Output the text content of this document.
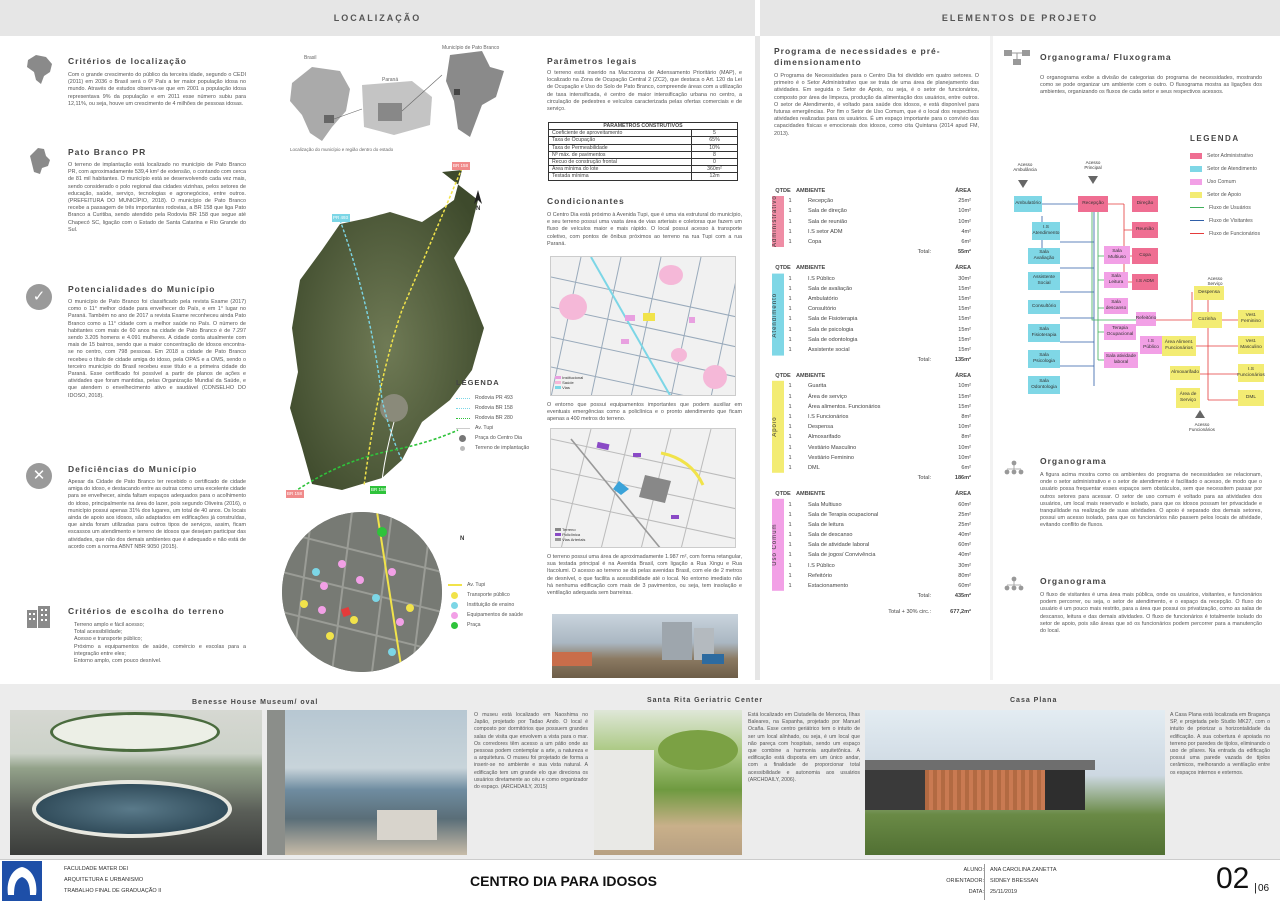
LOCALIZAÇÃO	ELEMENTOS DE PROJETO
Critérios de localização
Com o grande crescimento do público da terceira idade, segundo o CEDI (2011) em 2036 o Brasil será o 6º País a ter maior população idosa no mundo. Através de estudos observa-se que em 2001 a população idosa representava 9% da população e em 2011 esse número subiu para 12,11%, ou seja, houve um crescimento de 4 milhões de pessoas idosas.
Pato Branco PR
O terreno de implantação está localizado no município de Pato Branco PR, com aproximadamente 539,4 km² de extensão, o contando com cerca de 81 mil habitantes. O município está se desenvolvendo cada vez mais, sendo considerado o polo regional das cidades vizinhas, pelos setores de educação, saúde, serviço, tecnologias e agronegócios, entre outros. (PREFEITURA DO MUNICÍPIO, 2018). O município de Pato Branco recebe a passagem de três importantes rodovias, a BR 158 que liga Pato Branco a Curitiba, sendo atendido pela Rodovia BR 158 que segue até Chapecó SC, ligação com o Estado de Santa Catarina e Rio Grande do Sul.
✓	Potencialidades do Município
O município de Pato Branco foi classificado pela revista Exame (2017) como o 11° melhor cidade para envelhecer do País, e em 1° lugar no Paraná. Também no ano de 2017 a revista Exame reconheceu ainda Pato Branco como a 11° cidade com a melhor saúde no País. O número de habitantes com mais de 60 anos na cidade de Pato Branco é de 7.297 sendo 3.205 homens e 4.091 mulheres. A cidade conta atualmente com mais de 15 bairros, sendo que a maior concentração de idosos encontra-se no centro, com 798 pessoas. Em 2018 a cidade de Pato Branco recebeu o título de cidade amiga do idoso, pela OPAS e a OMS, sendo o terceiro município do Brasil recebeu esse título e a primeira cidade do Paraná. Esse certificado foi possível a partir de planos de ações e atividades que foram mantidas, pelas Organização Mundial da Saúde, e que atendem o envelhecimento ativo e saudável (CONSELHO DO IDOSO, 2018).
✕	Deficiências do Município
Apesar da Cidade de Pato Branco ter recebido o certificado de cidade amiga do idoso, e destacando entre as outras como uma excelente cidade para se envelhecer, ainda faltam espaços adequados para o acolhimento do idoso, principalmente na área do lazer, pois segundo Oliveira (2016), o município possui apenas 31% dos lugares, um total de 40 anos. Os locais ainda de apoio aos idosos, são adaptados em edificações já construídas, que ainda foram utilizadas para outros tipos de serviços, assim, ficam escassos um atendimento e terreno de idosos que desejam participar das atividades, que não dos demais ambientes que é adequado e não está de acordo com a norma ABNT NBR 9050 (2015).
Critérios de escolha do terreno
Terreno amplo e fácil acesso;
Total acessibilidade;
Acesso e transporte público;
Próximo a equipamentos de saúde, comércio e escolas para a integração entre eles;
Entorno amplo, com pouco desnível.
Brasil
Paraná
Município de Pato Branco
Localização do município e região dentro do estado
BR 158
PR 493
BR 158
BR 158
N
LEGENDA
Rodovia PR 493
Rodovia BR 158
Rodovia BR 280
Av. Tupi
Praça do Centro Dia
Terreno de implantação
N
Av. Tupi
Transporte público
Instituição de ensino
Equipamentos de saúde
Praça
Parâmetros legais
O terreno está inserido na Macrozona de Adensamento Prioritário (MAP), e localizado na Zona de Ocupação Central 2 (ZC2), que destaca o Art. 120 da Lei de Ocupação e Uso do Solo de Pato Branco, compreende áreas com a utilização de taxa intensificada, é centro de maior intensificação urbana no centro, a circulação de pedestres e veículos caracterizada pelas ofertas comerciais e de serviço.
PARÂMETROS CONSTRUTIVOS	
Coeficiente de aproveitamento	5
Taxa de Ocupação	65%
Taxa de Permeabilidade	10%
Nº máx. de pavimentos	8
Recuo de construção frontal	0
Área mínima do lote	360m²
Testada mínima	12m
Condicionantes
O Centro Dia está próximo à Avenida Tupi, que é uma via estrutural do município, e seu terreno possui uma vasta área de vias arteriais e coletoras que fazem um fluxo de veículos maior e mais rápido. O local possui acesso à transporte coletivo, com pontos de ônibus próximos ao terreno na rua Tupi com a rua Paraná.
Institucional
Saúde
Vias
O entorno que possui equipamentos importantes que podem auxiliar em eventuais emergências como a policlínica e o pronto atendimento que ficam apenas a 400 metros do terreno.
Terreno
Policlínica
Vias Arteriais
O terreno possui uma área de aproximadamente 1.987 m², com forma retangular, sua testada principal é na Avenida Brasil, com ligação a Rua Xingu e Rua Itacolumi. O acesso ao terreno se dá pelas avenidas Brasil, com ele de 2 metros de desnível, o que facilita a acessibilidade até o local. No entorno imediato não há nenhuma edificação com mais de 3 pavimentos, ou seja, tem insolação e ventilação adequada sem barreiras.
Programa de necessidades e pré-dimensionamento
O Programa de Necessidades para o Centro Dia foi dividido em quatro setores. O primeiro é o Setor Administrativo que se trata de uma área de planejamento das atividades. Em seguida o Setor de Apoio, ou seja, é o setor de funcionários, composto por área de limpeza, produção da alimentação dos usuários, entre outros. O setor de Atendimento, é voltado para saúde dos idosos, e está disponível para futuras emergências. Por fim o Setor de Uso Comum, que é o local dos respectivos atividades realizadas para os usuários. É um espaço importante para o convívio das capacidades físicas e emocionais dos idosos, como cita Quintana (2014 apud FM, 2013).
QTDE AMBIENTE	ÁREA
Administrativo	1	Recepção	25m²
1	Sala de direção	10m²
1	Sala de reunião	10m²
1	I.S setor ADM	4m²
1	Copa	6m²
Total:	55m²
QTDE AMBIENTE	ÁREA
Atendimento
1	I.S Público	30m²
1	Sala de avaliação	15m²
1	Ambulatório	15m²
1	Consultório	15m²
1	Sala de Fisioterapia	15m²
1	Sala de psicologia	15m²
1	Sala de odontologia	15m²
1	Assistente social	15m²
Total:	135m²
QTDE AMBIENTE	ÁREA
Apoio
1	Guarita	10m²
1	Área de serviço	15m²
1	Área alimentos. Funcionários	15m²
1	I.S Funcionários	8m²
1	Despensa	10m²
1	Almoxarifado	8m²
1	Vestiário Masculino	10m²
1	Vestiário Feminino	10m²
1	DML	6m²
Total:	186m²
QTDE AMBIENTE	ÁREA
Uso Comum
1	Sala Multiuso	60m²
1	Sala de Terapia ocupacional	25m²
1	Sala de leitura	25m²
1	Sala de descanso	40m²
1	Sala de atividade laboral	60m²
1	Sala de jogos/ Convivência	40m²
1	I.S Público	30m²
1	Refeitório	80m²
1	Estacionamento	60m²
Total:	435m²
Total + 30% circ.:	677,2m²
Organograma/ Fluxograma
O organograma exibe a divisão de categorias do programa de necessidades, mostrando como se pode organizar um ambiente com o outro. O fluxograma mostra as ligações dos ambientes, organizando os fluxos de cada setor e seus respectivos acessos.
LEGENDA
Setor Administrativo
Setor de Atendimento
Uso Comum
Setor de Apoio
Fluxo de Usuários
Fluxo de Visitantes
Fluxo de Funcionários
Acesso Ambulância
Acesso Principal
Acesso Serviço
Acesso Funcionários
Ambulatório	Recepção	Direção
Reunião
Copa
I.S ADM
I.S Atendimento
Sala Avaliação
Assistente Social
Consultório
Sala Fisioterapia
Sala Psicologia
Sala Odontologia
Sala Multiuso
Sala Leitura
Sala descanso
Terapia Ocupacional
Sala atividade laboral
Refeitório
I.S Público
Despensa
Cozinha
Área Aliment. Funcionários
Almoxarifado
Área de Serviço
Vest. Feminino
Vest. Masculino
I.S Funcionários
DML
Organograma
A figura acima mostra como os ambientes do programa de necessidades se relacionam, onde o setor administrativo e o setor de atendimento é facilitado o acesso, de modo que o usuário possa frequentar esses espaços sem obstáculos, sem que necessitem passar por outros setores para acessar. O setor de uso comum é voltado para as atividades dos usuários, um local mais reservado e isolado, para que os idosos possam ter privacidade e tranquilidade na realização de suas atividades. O apoio é separado dos demais setores, possui um acesso isolado, para que os funcionários não passem pelos locais de atividade, evitando conflito de fluxos.
Organograma
O fluxo de visitantes é uma área mais pública, onde os usuários, visitantes, e funcionários podem percorrer, ou seja, o setor de atendimento, e o espaço da recepção. O fluxo do usuário é um pouco mais restrito, para a área que possui os privatização, como as salas de descanso, leitura e das demais atividades. O fluxo de funcionários é totalmente isolado do setor de apoio, pois são áreas que só os funcionários podem percorrer para a manutenção do local.
Benesse House Museum/ oval
O museu está localizado em Naoshima no Japão, projetado por Tadao Ando. O local é composto por dormitórios que possuem grandes salas de visita que envolvem a vista para o mar. Os corredores têm acesso a um pátio onde as pessoas podem contemplar a arte, a natureza e a arquitetura. O museu foi projetado de forma a inserir-se no ambiente e sua vista natural. A edificação tem um grande elo que direciona os usuários diretamente ao céu e como organizador do espaço. (ARCHDAILY, 2015)
Santa Rita Geriatric Center
Está localizado em Ciutadella de Menorca, Ilhas Baleares, na Espanha, projetado por Manuel Ocaña. Esse centro geriátrico tem o intuito de ser um local alinhado, ou seja, é um local que não pareça com hospitais, sendo um espaço que combine a harmonia arquitetônica. A edificação está disposta em um único andar, com a finalidade de proporcionar total acessibilidade e autonomia aos usuários (ARCHDAILY, 2006).
Casa Plana
A Casa Plana está localizada em Bragança SP, e projetada pelo Studio MK27, com o intuito de priorizar a horizontalidade da edificação. A sua cobertura é apoiada no terreno por paredes de tijolos, eliminando o uso de pilares. Na entrada da edificação possui uma parede vazada de tijolos cerâmicos, melhorando a ventilação entre os espaços internos e externos.
FACULDADE MATER DEI
ARQUITETURA E URBANISMO
TRABALHO FINAL DE GRADUAÇÃO II
CENTRO DIA PARA IDOSOS
ALUNO: ANA CAROLINA ZANETTA
ORIENTADOR: SIDNEY BRESSAN
DATA: 25/11/2019	02 | 06
